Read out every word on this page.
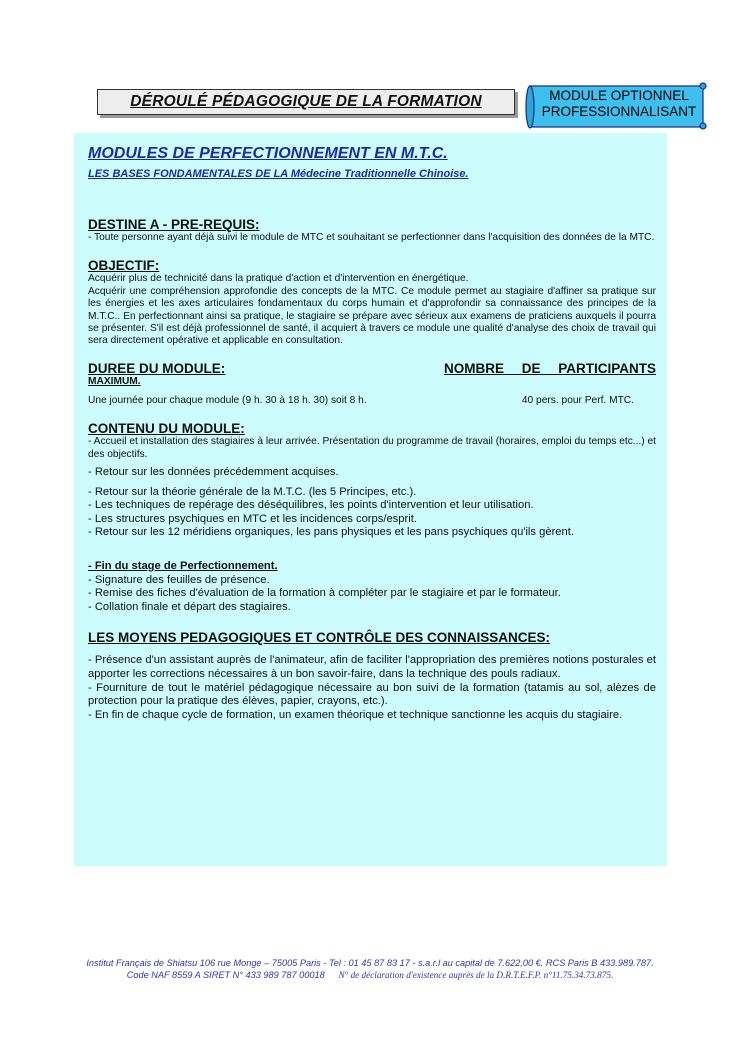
DÉROULÉ PÉDAGOGIQUE DE LA FORMATION	MODULE OPTIONNEL
PROFESSIONNALISANT
MODULES DE PERFECTIONNEMENT EN M.T.C.
LES BASES FONDAMENTALES DE LA Médecine Traditionnelle Chinoise.
DESTINE A - PRE-REQUIS:
- Toute personne ayant déjà suivi le module de MTC et souhaitant se perfectionner dans l'acquisition des données de la MTC.
OBJECTIF:
Acquérir plus de technicité dans la pratique d'action et d'intervention en énergétique.
Acquérir une compréhension approfondie des concepts de la MTC. Ce module permet au stagiaire d'affiner sa pratique sur les énergies et les axes articulaires fondamentaux du corps humain et d'approfondir sa connaissance des principes de la M.T.C.. En perfectionnant ainsi sa pratique, le stagiaire se prépare avec sérieux aux examens de praticiens auxquels il pourra se présenter. S'il est déjà professionnel de santé, il acquiert à travers ce module une qualité d'analyse des choix de travail qui sera directement opérative et applicable en consultation.
DUREE DU MODULE:	NOMBRE DE PARTICIPANTS
MAXIMUM.
Une journée pour chaque module (9 h. 30 à 18 h. 30) soit 8 h.	40 pers. pour Perf. MTC.
CONTENU DU MODULE:
- Accueil et installation des stagiaires à leur arrivée. Présentation du programme de travail (horaires, emploi du temps etc...) et des objectifs.
- Retour sur les données précédemment acquises.
- Retour sur la théorie générale de la M.T.C. (les 5 Principes, etc.).
- Les techniques de repérage des déséquilibres, les points d'intervention et leur utilisation.
- Les structures psychiques en MTC et les incidences corps/esprit.
- Retour sur les 12 méridiens organiques, les pans physiques et les pans psychiques qu'ils gèrent.
- Fin du stage de Perfectionnement.
- Signature des feuilles de présence.
- Remise des fiches d'évaluation de la formation à compléter par le stagiaire et par le formateur.
- Collation finale et départ des stagiaires.
LES MOYENS PEDAGOGIQUES ET CONTRÔLE DES CONNAISSANCES:
- Présence d'un assistant auprès de l'animateur, afin de faciliter l'appropriation des premières notions posturales et apporter les corrections nécessaires à un bon savoir-faire, dans la technique des pouls radiaux.
- Fourniture de tout le matériel pédagogique nécessaire au bon suivi de la formation (tatamis au sol, alèzes de protection pour la pratique des élèves, papier, crayons, etc.).
- En fin de chaque cycle de formation, un examen théorique et technique sanctionne les acquis du stagiaire.
Institut Français de Shiatsu 106 rue Monge – 75005 Paris - Tel : 01 45 87 83 17 - s.a.r.l au capital de 7.622,00 €. RCS Paris B 433.989.787.
Code NAF 8559 A SIRET N° 433 989 787 00018 N° de déclaration d'existence auprès de la D.R.T.E.F.P. n°11.75.34.73.875.
